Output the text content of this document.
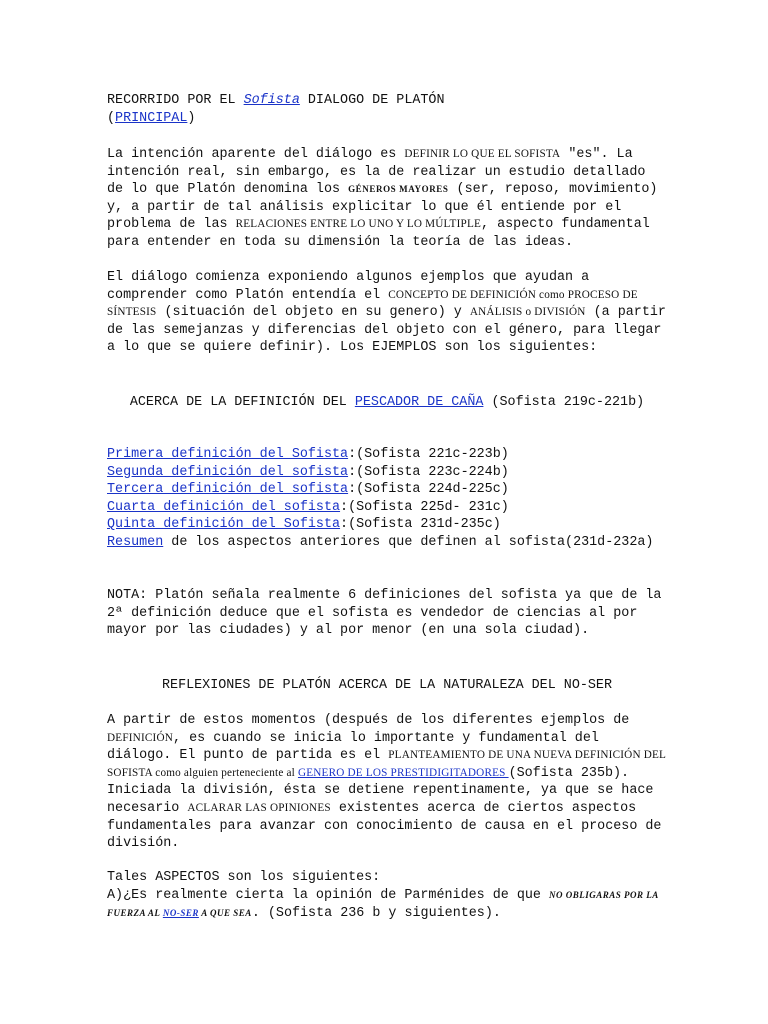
RECORRIDO POR EL Sofista DIALOGO DE PLATÓN
(PRINCIPAL)

La intención aparente del diálogo es DEFINIR LO QUE EL SOFISTA "es". La intención real, sin embargo, es la de realizar un estudio detallado de lo que Platón denomina los GÉNEROS MAYORES (ser, reposo, movimiento) y, a partir de tal análisis explicitar lo que él entiende por el problema de las RELACIONES ENTRE LO UNO Y LO MÚLTIPLE, aspecto fundamental para entender en toda su dimensión la teoría de las ideas.

El diálogo comienza exponiendo algunos ejemplos que ayudan a comprender como Platón entendía el CONCEPTO DE DEFINICIÓN como PROCESO DE SÍNTESIS (situación del objeto en su genero) y ANÁLISIS o DIVISIÓN (a partir de las semejanzas y diferencias del objeto con el género, para llegar a lo que se quiere definir). Los EJEMPLOS son los siguientes:

ACERCA DE LA DEFINICIÓN DEL PESCADOR DE CAÑA (Sofista 219c-221b)

Primera definición del Sofista:(Sofista 221c-223b)
Segunda definición del sofista:(Sofista 223c-224b)
Tercera definición del sofista:(Sofista 224d-225c)
Cuarta definición del sofista:(Sofista 225d- 231c)
Quinta definición del Sofista:(Sofista 231d-235c)
Resumen de los aspectos anteriores que definen al sofista(231d-232a)

NOTA: Platón señala realmente 6 definiciones del sofista ya que de la 2ª definición deduce que el sofista es vendedor de ciencias al por mayor por las ciudades) y al por menor (en una sola ciudad).

REFLEXIONES DE PLATÓN ACERCA DE LA NATURALEZA DEL NO-SER

A partir de estos momentos (después de los diferentes ejemplos de DEFINICIÓN, es cuando se inicia lo importante y fundamental del diálogo. El punto de partida es el PLANTEAMIENTO DE UNA NUEVA DEFINICIÓN DEL SOFISTA como alguien perteneciente al GENERO DE LOS PRESTIDIGITADORES (Sofista 235b). Iniciada la división, ésta se detiene repentinamente, ya que se hace necesario ACLARAR LAS OPINIONES existentes acerca de ciertos aspectos fundamentales para avanzar con conocimiento de causa en el proceso de división.

Tales ASPECTOS son los siguientes:

A)¿Es realmente cierta la opinión de Parménides de que NO OBLIGARAS POR LA FUERZA AL NO-SER A QUE SEA. (Sofista 236 b y siguientes).
